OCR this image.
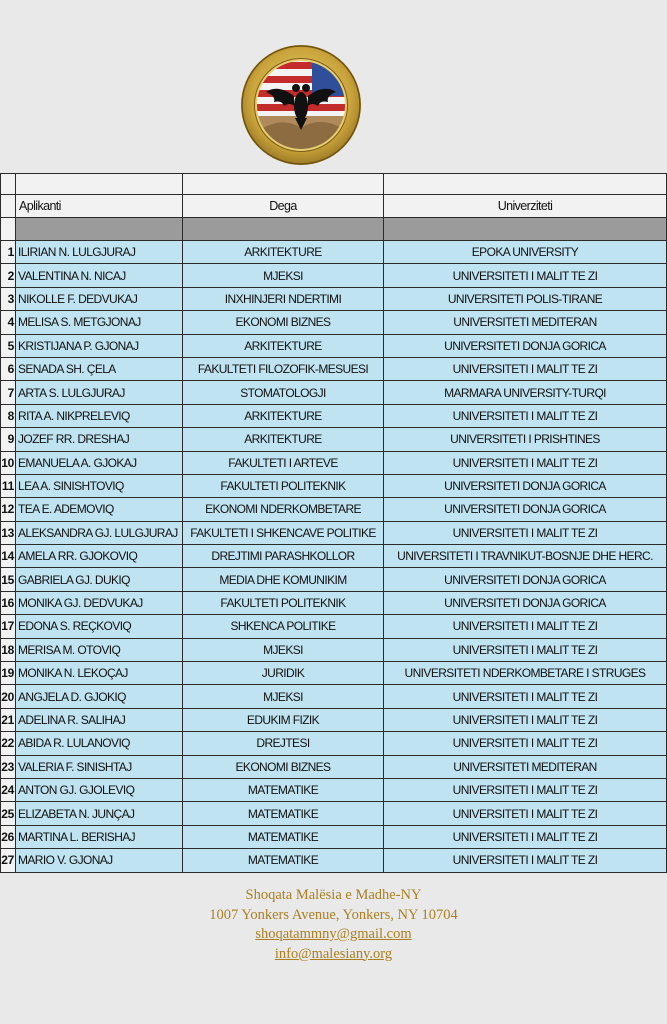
	Aplikanti	Dega	Univerziteti

1	ILIRIAN N. LULGJURAJ	ARKITEKTURE	EPOKA UNIVERSITY
2	VALENTINA N. NICAJ	MJEKSI	UNIVERSITETI I MALIT TE ZI
3	NIKOLLE F. DEDVUKAJ	INXHINJERI NDERTIMI	UNIVERSITETI POLIS-TIRANE
4	MELISA S. METGJONAJ	EKONOMI BIZNES	UNIVERSITETI MEDITERAN
5	KRISTIJANA P. GJONAJ	ARKITEKTURE	UNIVERSITETI DONJA GORICA
6	SENADA SH. ÇELA	FAKULTETI FILOZOFIK-MESUESI	UNIVERSITETI I MALIT TE ZI
7	ARTA S. LULGJURAJ	STOMATOLOGJI	MARMARA UNIVERSITY-TURQI
8	RITA A. NIKPRELEVIQ	ARKITEKTURE	UNIVERSITETI I MALIT TE ZI
9	JOZEF RR. DRESHAJ	ARKITEKTURE	UNIVERSITETI I PRISHTINES
10	EMANUELA A. GJOKAJ	FAKULTETI I ARTEVE	UNIVERSITETI I MALIT TE ZI
11	LEA A. SINISHTOVIQ	FAKULTETI POLITEKNIK	UNIVERSITETI DONJA GORICA
12	TEA E. ADEMOVIQ	EKONOMI NDERKOMBETARE	UNIVERSITETI DONJA GORICA
13	ALEKSANDRA GJ. LULGJURAJ	FAKULTETI I SHKENCAVE POLITIKE	UNIVERSITETI I MALIT TE ZI
14	AMELA RR. GJOKOVIQ	DREJTIMI PARASHKOLLOR	UNIVERSITETI I TRAVNIKUT-BOSNJE DHE HERC.
15	GABRIELA GJ. DUKIQ	MEDIA DHE KOMUNIKIM	UNIVERSITETI DONJA GORICA
16	MONIKA GJ. DEDVUKAJ	FAKULTETI POLITEKNIK	UNIVERSITETI DONJA GORICA
17	EDONA S. REÇKOVIQ	SHKENCA POLITIKE	UNIVERSITETI I MALIT TE ZI
18	MERISA M. OTOVIQ	MJEKSI	UNIVERSITETI I MALIT TE ZI
19	MONIKA N. LEKOÇAJ	JURIDIK	UNIVERSITETI NDERKOMBETARE I STRUGES
20	ANGJELA D. GJOKIQ	MJEKSI	UNIVERSITETI I MALIT TE ZI
21	ADELINA R. SALIHAJ	EDUKIM FIZIK	UNIVERSITETI I MALIT TE ZI
22	ABIDA R. LULANOVIQ	DREJTESI	UNIVERSITETI I MALIT TE ZI
23	VALERIA F. SINISHTAJ	EKONOMI BIZNES	UNIVERSITETI MEDITERAN
24	ANTON GJ. GJOLEVIQ	MATEMATIKE	UNIVERSITETI I MALIT TE ZI
25	ELIZABETA N. JUNÇAJ	MATEMATIKE	UNIVERSITETI I MALIT TE ZI
26	MARTINA L. BERISHAJ	MATEMATIKE	UNIVERSITETI I MALIT TE ZI
27	MARIO V. GJONAJ	MATEMATIKE	UNIVERSITETI I MALIT TE ZI
Shoqata Malësia e Madhe-NY
1007 Yonkers Avenue, Yonkers, NY 10704
shoqatammny@gmail.com
info@malesiany.org
